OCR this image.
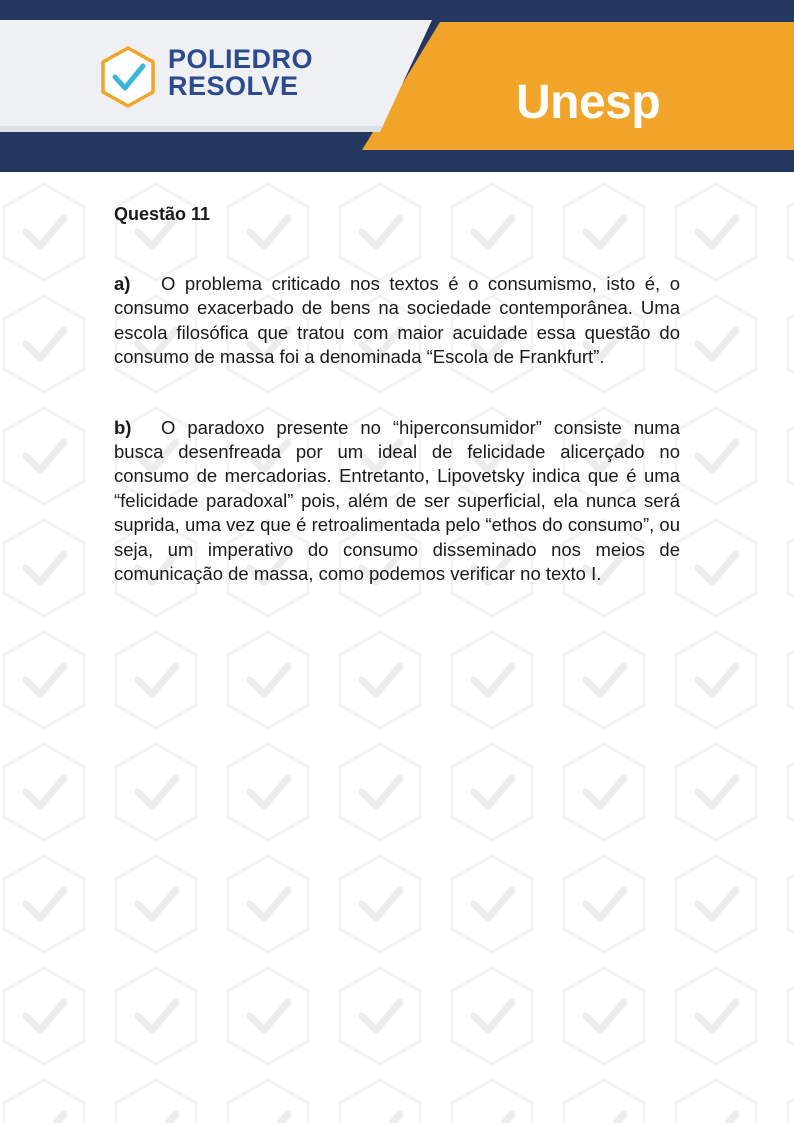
POLIEDRO
RESOLVE	Unesp

Questão 11

a) O problema criticado nos textos é o consumismo, isto é, o consumo exacerbado de bens na sociedade contemporânea. Uma escola filosófica que tratou com maior acuidade essa questão do consumo de massa foi a denominada “Escola de Frankfurt”.

b) O paradoxo presente no “hiperconsumidor” consiste numa busca desenfreada por um ideal de felicidade alicerçado no consumo de mercadorias. Entretanto, Lipovetsky indica que é uma “felicidade paradoxal” pois, além de ser superficial, ela nunca será suprida, uma vez que é retroalimentada pelo “ethos do consumo”, ou seja, um imperativo do consumo disseminado nos meios de comunicação de massa, como podemos verificar no texto I.
